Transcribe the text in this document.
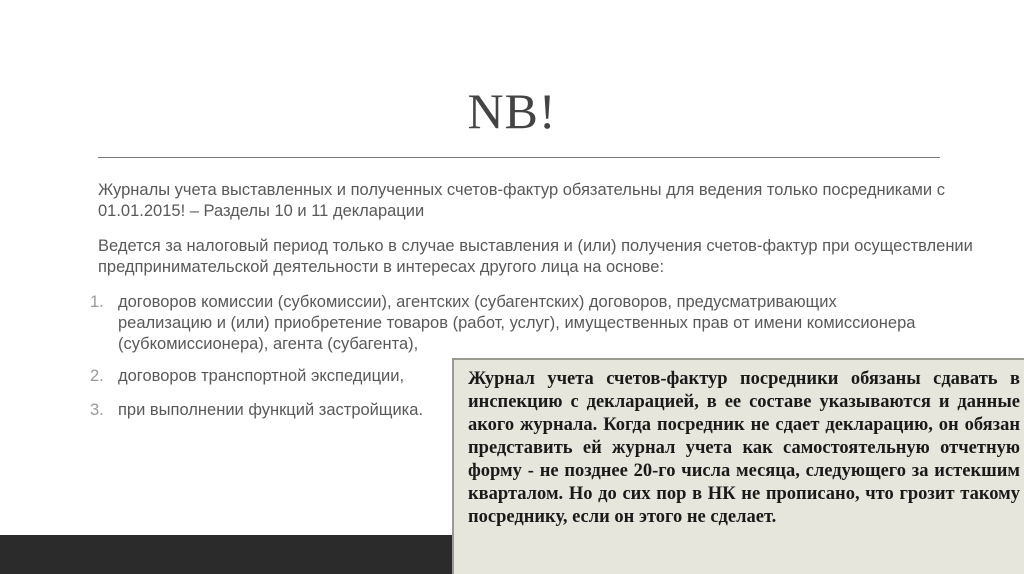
NB!
Журналы учета выставленных и полученных счетов-фактур обязательны для ведения только посредниками с 01.01.2015! – Разделы 10 и 11 декларации
Ведется за налоговый период только в случае выставления и (или) получения счетов-фактур при осуществлении предпринимательской деятельности в интересах другого лица на основе:
1. договоров комиссии (субкомиссии), агентских (субагентских) договоров, предусматривающих реализацию и (или) приобретение товаров (работ, услуг), имущественных прав от имени комиссионера (субкомиссионера), агента (субагента),
2. договоров транспортной экспедиции,
3. при выполнении функций застройщика.
Журнал учета счетов-фактур посредники обязаны сдавать в инспекцию с декларацией, в ее составе указываются и данные акого журнала. Когда посредник не сдает декларацию, он обязан представить ей журнал учета как самостоятельную отчетную форму - не позднее 20-го числа месяца, следующего за истекшим кварталом. Но до сих пор в НК не прописано, что грозит такому посреднику, если он этого не сделает.
